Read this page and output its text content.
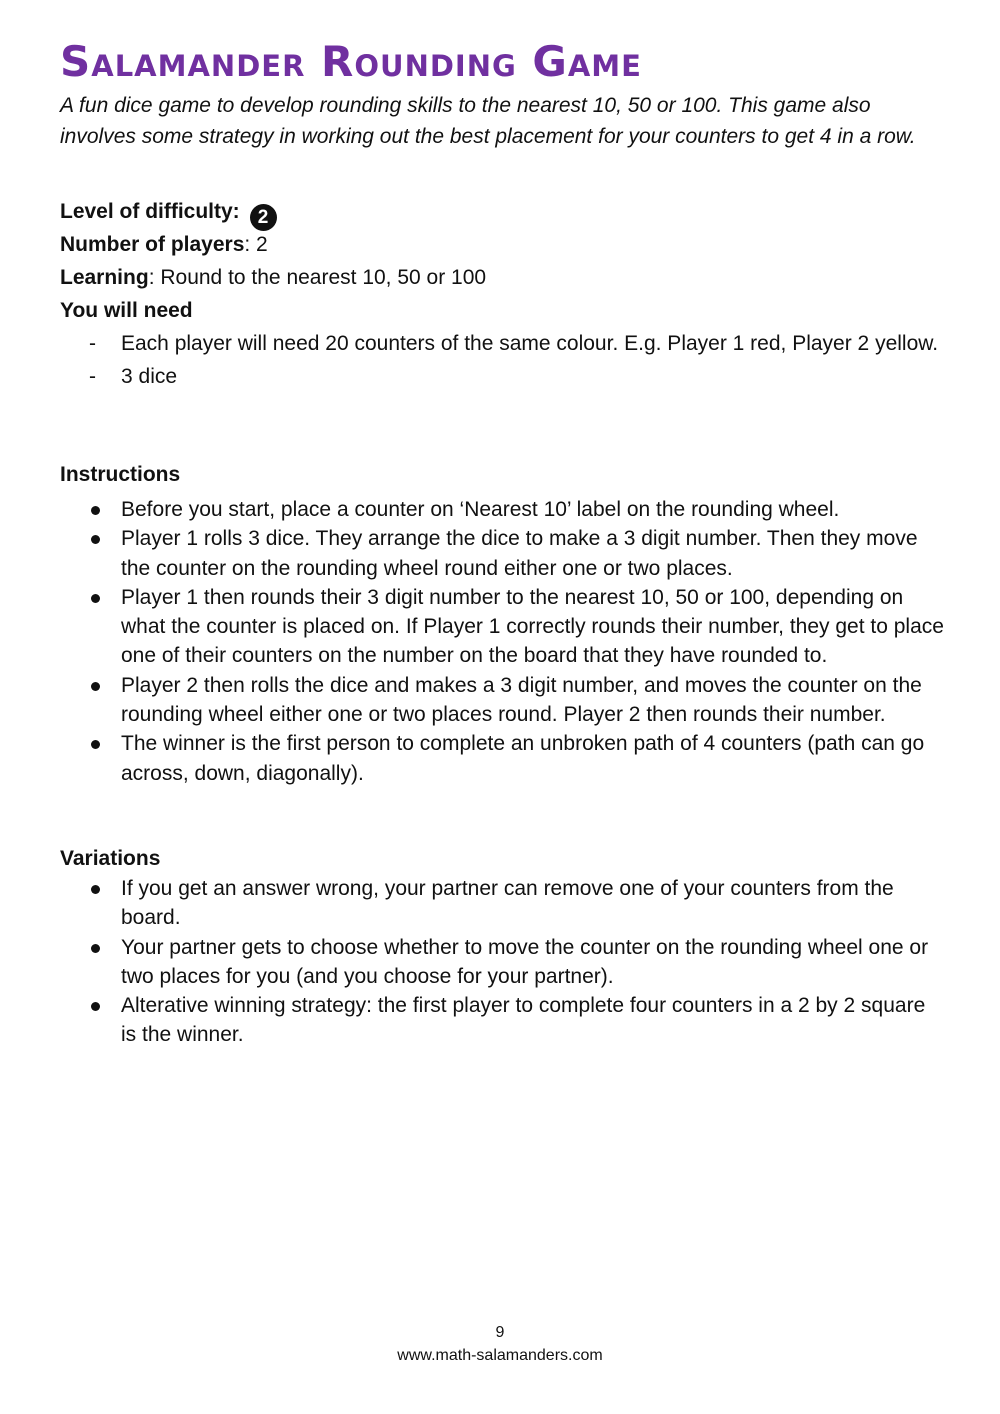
Salamander Rounding Game

A fun dice game to develop rounding skills to the nearest 10, 50 or 100. This game also involves some strategy in working out the best placement for your counters to get 4 in a row.

Level of difficulty: 2

Number of players: 2

Learning: Round to the nearest 10, 50 or 100

You will need

- Each player will need 20 counters of the same colour. E.g. Player 1 red, Player 2 yellow.
- 3 dice
Instructions
Before you start, place a counter on ‘Nearest 10’ label on the rounding wheel.
Player 1 rolls 3 dice. They arrange the dice to make a 3 digit number. Then they move the counter on the rounding wheel round either one or two places.
Player 1 then rounds their 3 digit number to the nearest 10, 50 or 100, depending on what the counter is placed on. If Player 1 correctly rounds their number, they get to place one of their counters on the number on the board that they have rounded to.
Player 2 then rolls the dice and makes a 3 digit number, and moves the counter on the rounding wheel either one or two places round. Player 2 then rounds their number.
The winner is the first person to complete an unbroken path of 4 counters (path can go across, down, diagonally).
Variations
If you get an answer wrong, your partner can remove one of your counters from the board.
Your partner gets to choose whether to move the counter on the rounding wheel one or two places for you (and you choose for your partner).
Alterative winning strategy: the first player to complete four counters in a 2 by 2 square is the winner.

9

www.math-salamanders.com
